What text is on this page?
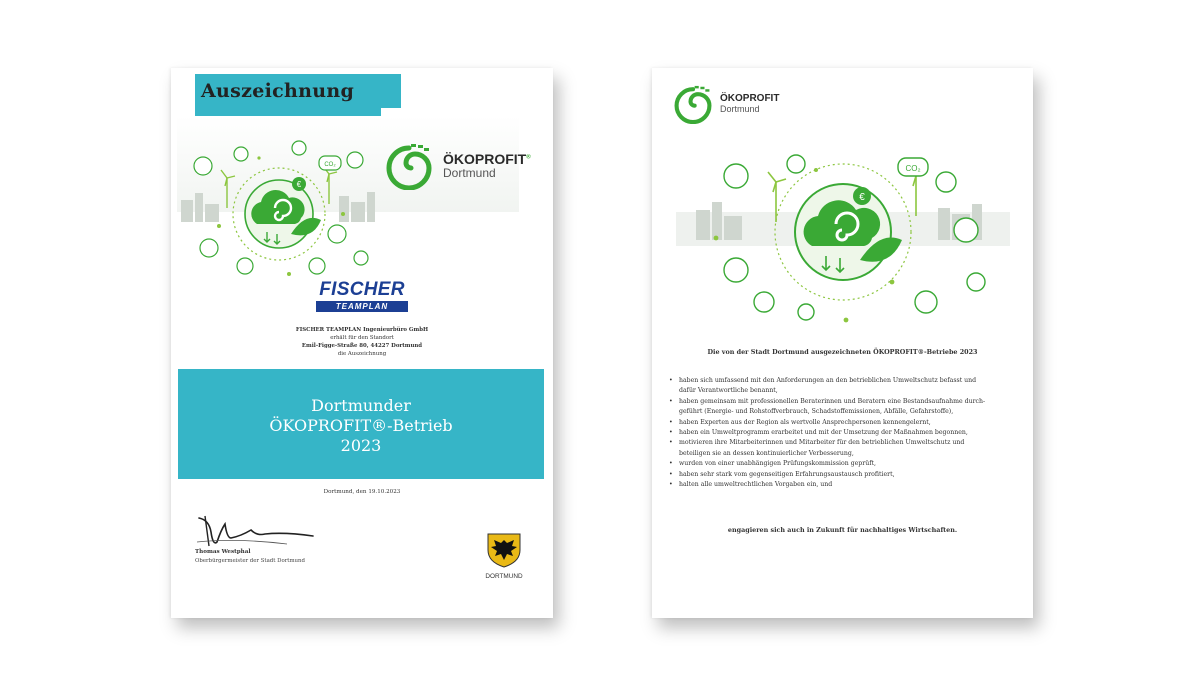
Auszeichnung
ÖKOPROFIT®
Dortmund
€
CO₂
FISCHER
TEAMPLAN
FISCHER TEAMPLAN Ingenieurbüro GmbH
erhält für den Standort
Emil-Figge-Straße 80, 44227 Dortmund
die Auszeichnung
Dortmunder
ÖKOPROFIT®-Betrieb
2023
Dortmund, den 19.10.2023
Thomas Westphal
Oberbürgermeister der Stadt Dortmund
DORTMUND
ÖKOPROFIT
Dortmund
€
CO₂
Die von der Stadt Dortmund ausgezeichneten ÖKOPROFIT®-Betriebe 2023
• haben sich umfassend mit den Anforderungen an den betrieblichen Umweltschutz befasst und
dafür Verantwortliche benannt,
• haben gemeinsam mit professionellen Beraterinnen und Beratern eine Bestandsaufnahme durch-
geführt (Energie- und Rohstoffverbrauch, Schadstoffemissionen, Abfälle, Gefahrstoffe),
• haben Experten aus der Region als wertvolle Ansprechpersonen kennengelernt,
• haben ein Umweltprogramm erarbeitet und mit der Umsetzung der Maßnahmen begonnen,
• motivieren ihre Mitarbeiterinnen und Mitarbeiter für den betrieblichen Umweltschutz und
beteiligen sie an dessen kontinuierlicher Verbesserung,
• wurden von einer unabhängigen Prüfungskommission geprüft,
• haben sehr stark vom gegenseitigen Erfahrungsaustausch profitiert,
• halten alle umweltrechtlichen Vorgaben ein, und
engagieren sich auch in Zukunft für nachhaltiges Wirtschaften.
